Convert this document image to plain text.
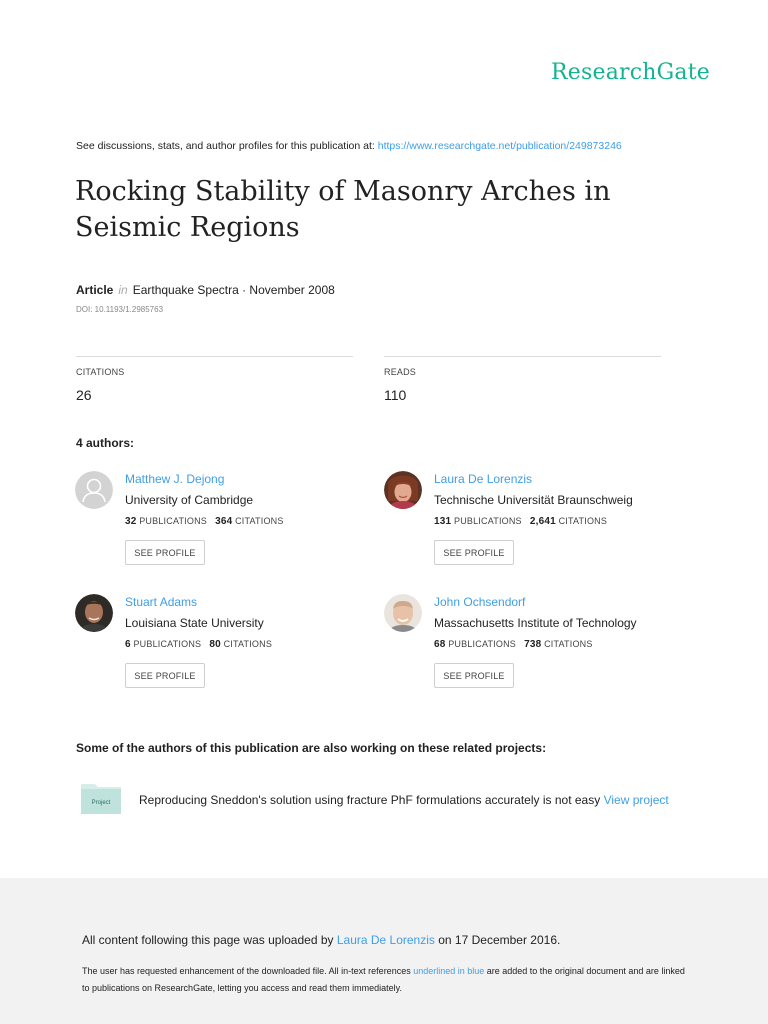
ResearchGate
See discussions, stats, and author profiles for this publication at: https://www.researchgate.net/publication/249873246
Rocking Stability of Masonry Arches in Seismic Regions
Article in Earthquake Spectra · November 2008
DOI: 10.1193/1.2985763
CITATIONS
26
READS
110
4 authors:
Matthew J. Dejong
University of Cambridge
32 PUBLICATIONS 364 CITATIONS
SEE PROFILE
Laura De Lorenzis
Technische Universität Braunschweig
131 PUBLICATIONS 2,641 CITATIONS
SEE PROFILE
Stuart Adams
Louisiana State University
6 PUBLICATIONS 80 CITATIONS
SEE PROFILE
John Ochsendorf
Massachusetts Institute of Technology
68 PUBLICATIONS 738 CITATIONS
SEE PROFILE
Some of the authors of this publication are also working on these related projects:
Project Reproducing Sneddon's solution using fracture PhF formulations accurately is not easy View project
All content following this page was uploaded by Laura De Lorenzis on 17 December 2016.
The user has requested enhancement of the downloaded file. All in-text references underlined in blue are added to the original document and are linked to publications on ResearchGate, letting you access and read them immediately.
